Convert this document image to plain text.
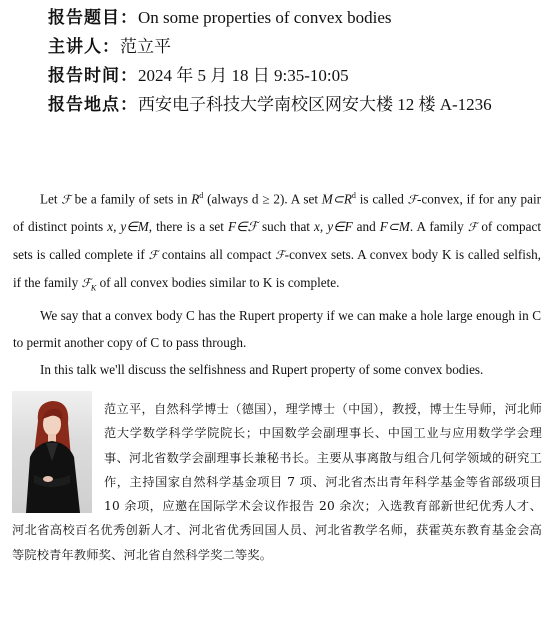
报告题目：On some properties of convex bodies
主讲人：范立平
报告时间：2024 年 5 月 18 日 9:35-10:05
报告地点：西安电子科技大学南校区网安大楼 12 楼 A-1236

Let ℱ be a family of sets in $R^d$ (always d ≥ 2). A set $M\subset R^d$ is called ℱ-convex, if for any pair of distinct points x, y∈M, there is a set F∈ℱ such that x, y∈F and F⊂M. A family ℱ of compact sets is called complete if ℱ contains all compact ℱ-convex sets. A convex body K is called selfish, if the family ℱ$_K$ of all convex bodies similar to K is complete.

We say that a convex body C has the Rupert property if we can make a hole large enough in C to permit another copy of C to pass through.

In this talk we'll discuss the selfishness and Rupert property of some convex bodies.

范立平，自然科学博士（德国），理学博士（中国），教授，博士生导师，河北师范大学数学科学学院院长；中国数学会副理事长、中国工业与应用数学学会理事、河北省数学会副理事长兼秘书长。主要从事离散与组合几何学领域的研究工作，主持国家自然科学基金项目 7 项、河北省杰出青年科学基金等省部级项目 10 余项，应邀在国际学术会议作报告 20 余次；入选教育部新世纪优秀人才、河北省高校百名优秀创新人才、河北省优秀回国人员、河北省教学名师，获霍英东教育基金会高等院校青年教师奖、河北省自然科学奖二等奖。
